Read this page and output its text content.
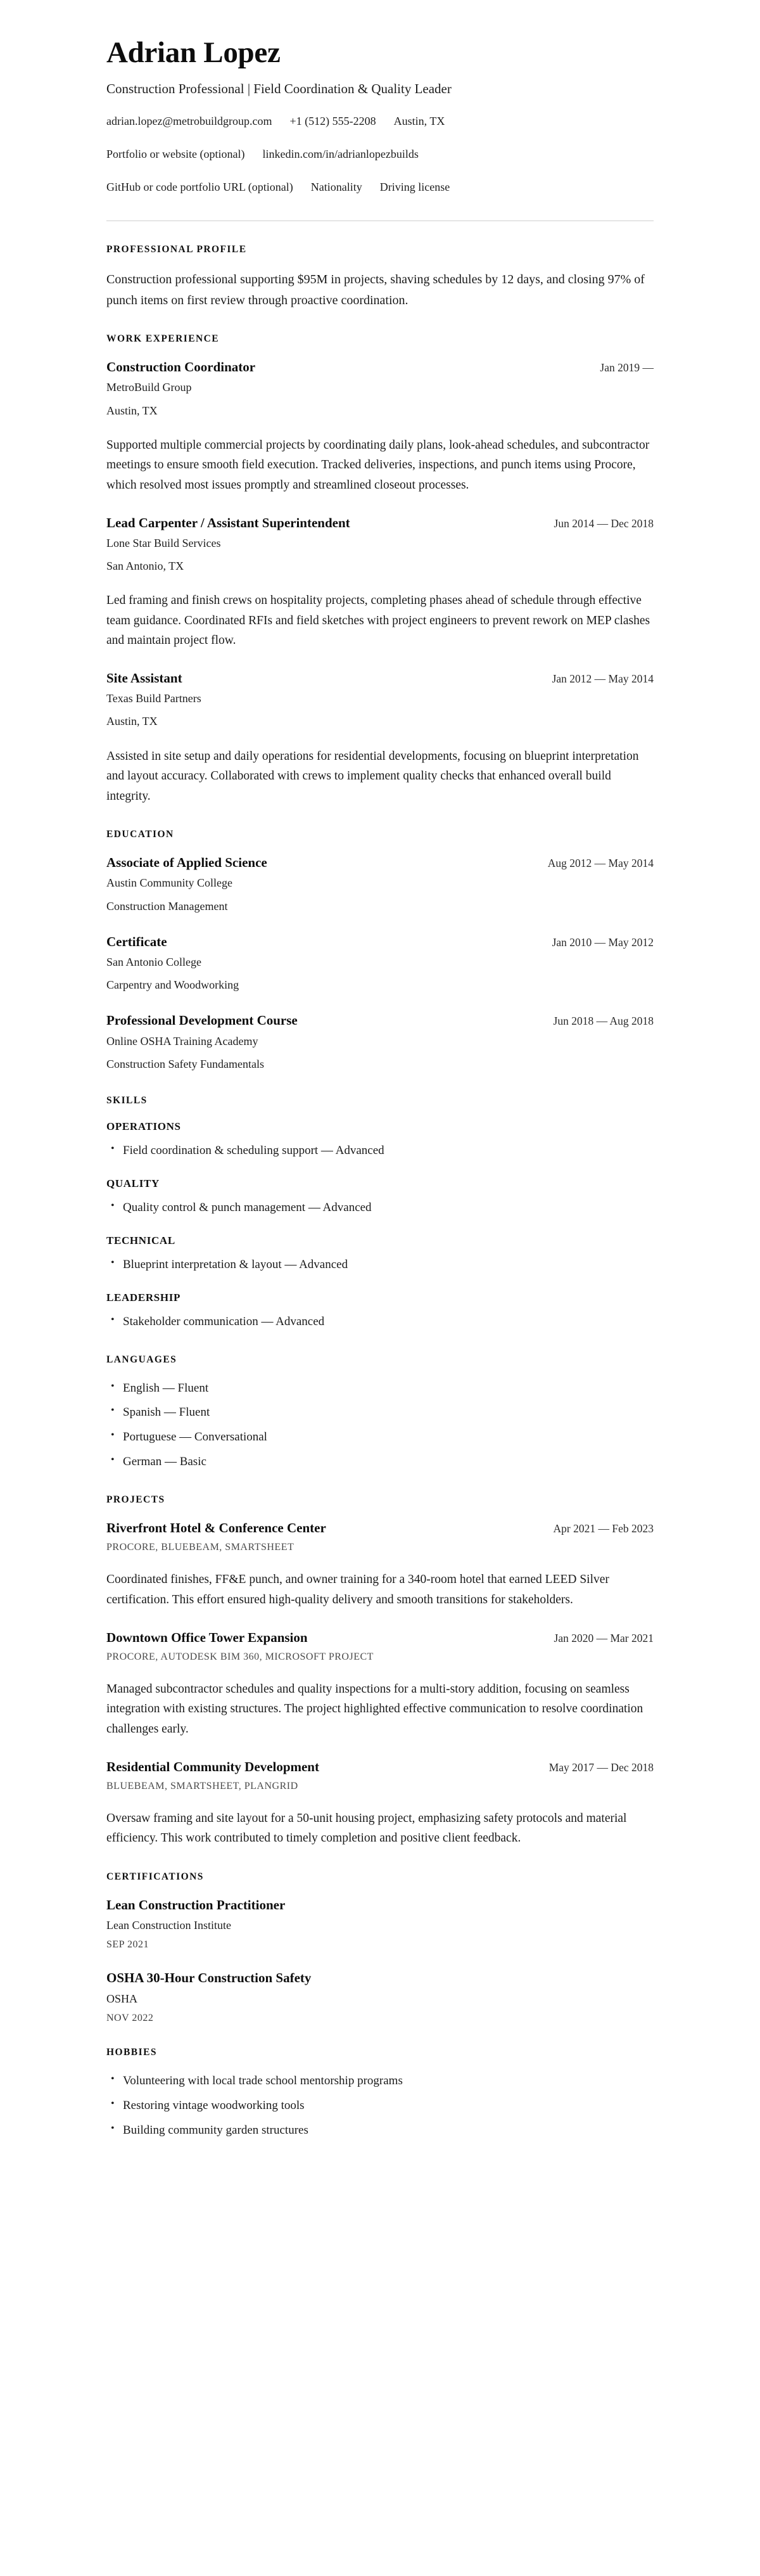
Adrian Lopez
Construction Professional | Field Coordination & Quality Leader
adrian.lopez@metrobuildgroup.com +1 (512) 555-2208 Austin, TX
Portfolio or website (optional) linkedin.com/in/adrianlopezbuilds
GitHub or code portfolio URL (optional) Nationality Driving license
PROFESSIONAL PROFILE

Construction professional supporting $95M in projects, shaving schedules by 12 days, and closing 97% of punch items on first review through proactive coordination.

WORK EXPERIENCE
Construction Coordinator	Jan 2019 —
MetroBuild Group
Austin, TX

Supported multiple commercial projects by coordinating daily plans, look-ahead schedules, and subcontractor meetings to ensure smooth field execution. Tracked deliveries, inspections, and punch items using Procore, which resolved most issues promptly and streamlined closeout processes.

Lead Carpenter / Assistant Superintendent	Jun 2014 — Dec 2018
Lone Star Build Services
San Antonio, TX

Led framing and finish crews on hospitality projects, completing phases ahead of schedule through effective team guidance. Coordinated RFIs and field sketches with project engineers to prevent rework on MEP clashes and maintain project flow.

Site Assistant	Jan 2012 — May 2014
Texas Build Partners
Austin, TX

Assisted in site setup and daily operations for residential developments, focusing on blueprint interpretation and layout accuracy. Collaborated with crews to implement quality checks that enhanced overall build integrity.

EDUCATION
Associate of Applied Science	Aug 2012 — May 2014
Austin Community College
Construction Management
Certificate	Jan 2010 — May 2012
San Antonio College
Carpentry and Woodworking
Professional Development Course	Jun 2018 — Aug 2018
Online OSHA Training Academy
Construction Safety Fundamentals
SKILLS
OPERATIONS
• Field coordination & scheduling support — Advanced
QUALITY
• Quality control & punch management — Advanced
TECHNICAL
• Blueprint interpretation & layout — Advanced
LEADERSHIP
• Stakeholder communication — Advanced
LANGUAGES
• English — Fluent
• Spanish — Fluent
• Portuguese — Conversational
• German — Basic
PROJECTS
Riverfront Hotel & Conference Center	Apr 2021 — Feb 2023
PROCORE, BLUEBEAM, SMARTSHEET

Coordinated finishes, FF&E punch, and owner training for a 340-room hotel that earned LEED Silver certification. This effort ensured high-quality delivery and smooth transitions for stakeholders.

Downtown Office Tower Expansion	Jan 2020 — Mar 2021
PROCORE, AUTODESK BIM 360, MICROSOFT PROJECT

Managed subcontractor schedules and quality inspections for a multi-story addition, focusing on seamless integration with existing structures. The project highlighted effective communication to resolve coordination challenges early.

Residential Community Development	May 2017 — Dec 2018
BLUEBEAM, SMARTSHEET, PLANGRID

Oversaw framing and site layout for a 50-unit housing project, emphasizing safety protocols and material efficiency. This work contributed to timely completion and positive client feedback.

CERTIFICATIONS
Lean Construction Practitioner
Lean Construction Institute
SEP 2021
OSHA 30-Hour Construction Safety
OSHA
NOV 2022
HOBBIES
• Volunteering with local trade school mentorship programs
• Restoring vintage woodworking tools
• Building community garden structures
